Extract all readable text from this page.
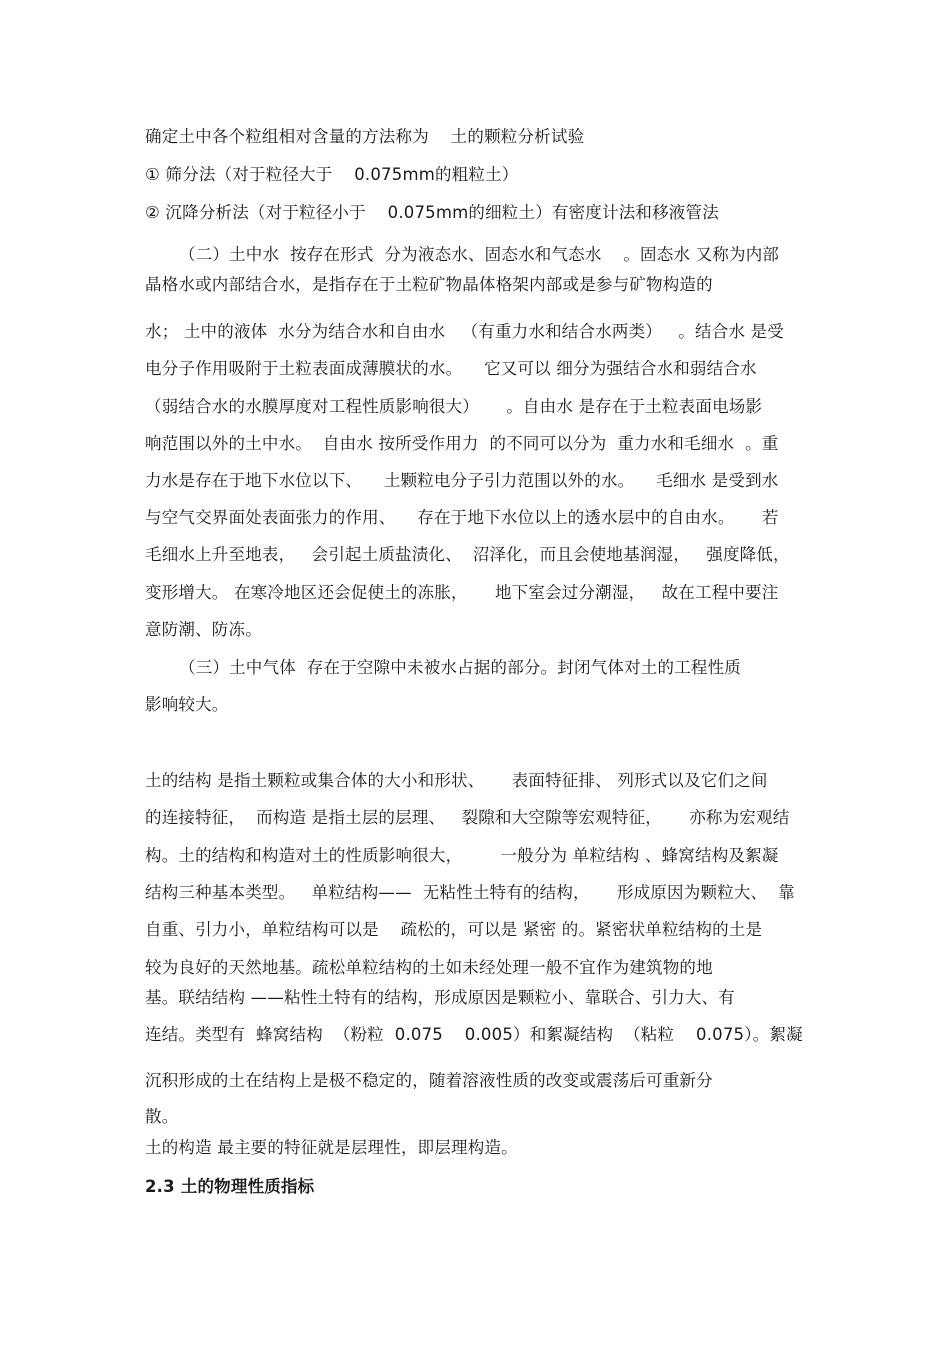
确定土中各个粒组相对含量的方法称为    土的颗粒分析试验
① 筛分法（对于粒径大于    0.075mm的粗粒土）
② 沉降分析法（对于粒径小于    0.075mm的细粒土）有密度计法和移液管法
（二）土中水  按存在形式  分为液态水、固态水和气态水    。固态水 又称为内部
晶格水或内部结合水，是指存在于土粒矿物晶体格架内部或是参与矿物构造的
水； 土中的液体  水分为结合水和自由水   （有重力水和结合水两类）   。结合水 是受
电分子作用吸附于土粒表面成薄膜状的水。    它又可以 细分为强结合水和弱结合水
（弱结合水的水膜厚度对工程性质影响很大）     。自由水 是存在于土粒表面电场影
响范围以外的土中水。  自由水 按所受作用力  的不同可以分为  重力水和毛细水  。重
力水是存在于地下水位以下、    土颗粒电分子引力范围以外的水。    毛细水 是受到水
与空气交界面处表面张力的作用、    存在于地下水位以上的透水层中的自由水。     若
毛细水上升至地表，   会引起土质盐渍化、  沼泽化，而且会使地基润湿，   强度降低，
变形增大。 在寒冷地区还会促使土的冻胀，     地下室会过分潮湿，   故在工程中要注
意防潮、防冻。
（三）土中气体  存在于空隙中未被水占据的部分。封闭气体对土的工程性质
影响较大。
土的结构 是指土颗粒或集合体的大小和形状、     表面特征排、 列形式以及它们之间
的连接特征，  而构造 是指土层的层理、   裂隙和大空隙等宏观特征，     亦称为宏观结
构。土的结构和构造对土的性质影响很大，       一般分为 单粒结构 、蜂窝结构及絮凝
结构三种基本类型。   单粒结构——  无粘性土特有的结构，     形成原因为颗粒大、  靠
自重、引力小，单粒结构可以是    疏松的，可以是 紧密 的。紧密状单粒结构的土是
较为良好的天然地基。疏松单粒结构的土如未经处理一般不宜作为建筑物的地
基。联结结构 ——粘性土特有的结构，形成原因是颗粒小、靠联合、引力大、有
连结。类型有  蜂窝结构  （粉粒  0.075    0.005）和絮凝结构  （粘粒    0.075）。絮凝
沉积形成的土在结构上是极不稳定的，随着溶液性质的改变或震荡后可重新分
散。
土的构造 最主要的特征就是层理性，即层理构造。
2.3 土的物理性质指标
